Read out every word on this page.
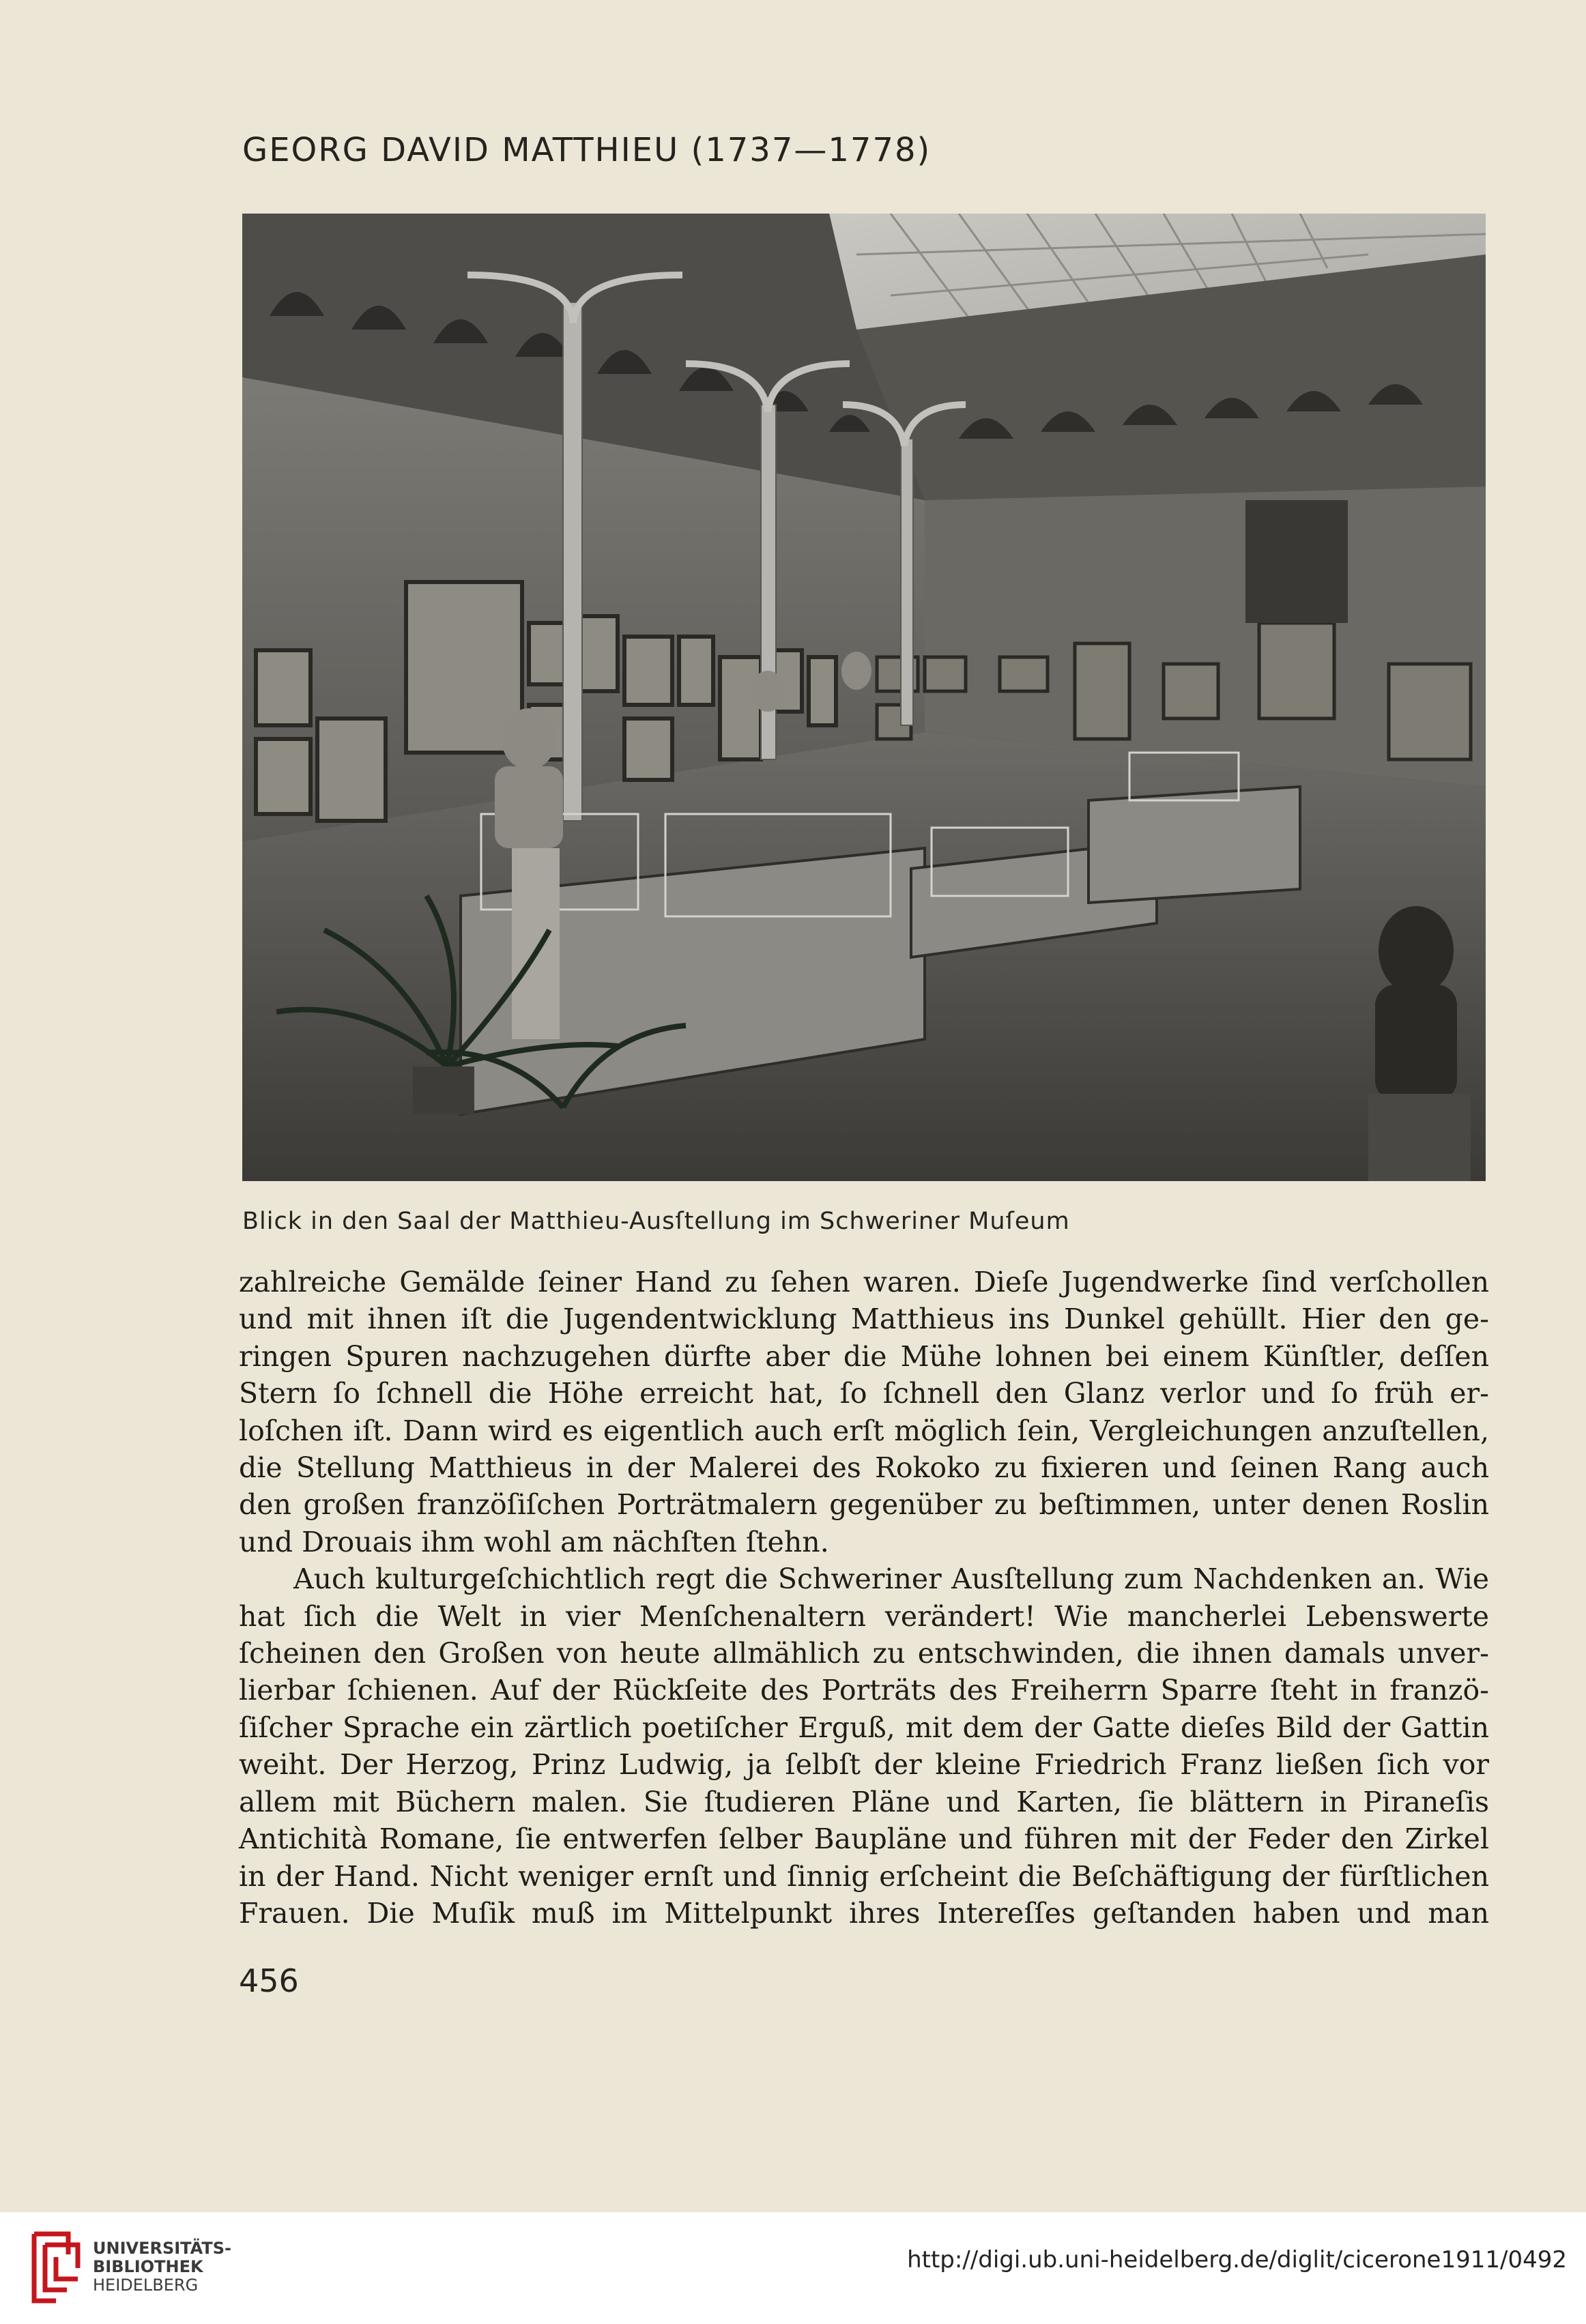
GEORG DAVID MATTHIEU (1737—1778)
Blick in den Saal der Matthieu-Ausſtellung im Schweriner Muſeum

zahlreiche Gemälde ſeiner Hand zu ſehen waren. Dieſe Jugendwerke ſind verſchollen

und mit ihnen iſt die Jugendentwicklung Matthieus ins Dunkel gehüllt. Hier den ge-

ringen Spuren nachzugehen dürfte aber die Mühe lohnen bei einem Künſtler, deſſen

Stern ſo ſchnell die Höhe erreicht hat, ſo ſchnell den Glanz verlor und ſo früh er-

loſchen iſt. Dann wird es eigentlich auch erſt möglich ſein, Vergleichungen anzuſtellen,

die Stellung Matthieus in der Malerei des Rokoko zu fixieren und ſeinen Rang auch

den großen franzöſiſchen Porträtmalern gegenüber zu beſtimmen, unter denen Roslin

und Drouais ihm wohl am nächſten ſtehn.

Auch kulturgeſchichtlich regt die Schweriner Ausſtellung zum Nachdenken an. Wie

hat ſich die Welt in vier Menſchenaltern verändert! Wie mancherlei Lebenswerte

ſcheinen den Großen von heute allmählich zu entschwinden, die ihnen damals unver-

lierbar ſchienen. Auf der Rückſeite des Porträts des Freiherrn Sparre ſteht in franzö-

ſiſcher Sprache ein zärtlich poetiſcher Erguß, mit dem der Gatte dieſes Bild der Gattin

weiht. Der Herzog, Prinz Ludwig, ja ſelbſt der kleine Friedrich Franz ließen ſich vor

allem mit Büchern malen. Sie ſtudieren Pläne und Karten, ſie blättern in Piraneſis

Antichità Romane, ſie entwerfen ſelber Baupläne und führen mit der Feder den Zirkel

in der Hand. Nicht weniger ernſt und ſinnig erſcheint die Beſchäftigung der fürſtlichen

Frauen. Die Muſik muß im Mittelpunkt ihres Intereſſes geſtanden haben und man

456
UNIVERSITÄTS-
BIBLIOTHEK
HEIDELBERG
http://digi.ub.uni-heidelberg.de/diglit/cicerone1911/0492
